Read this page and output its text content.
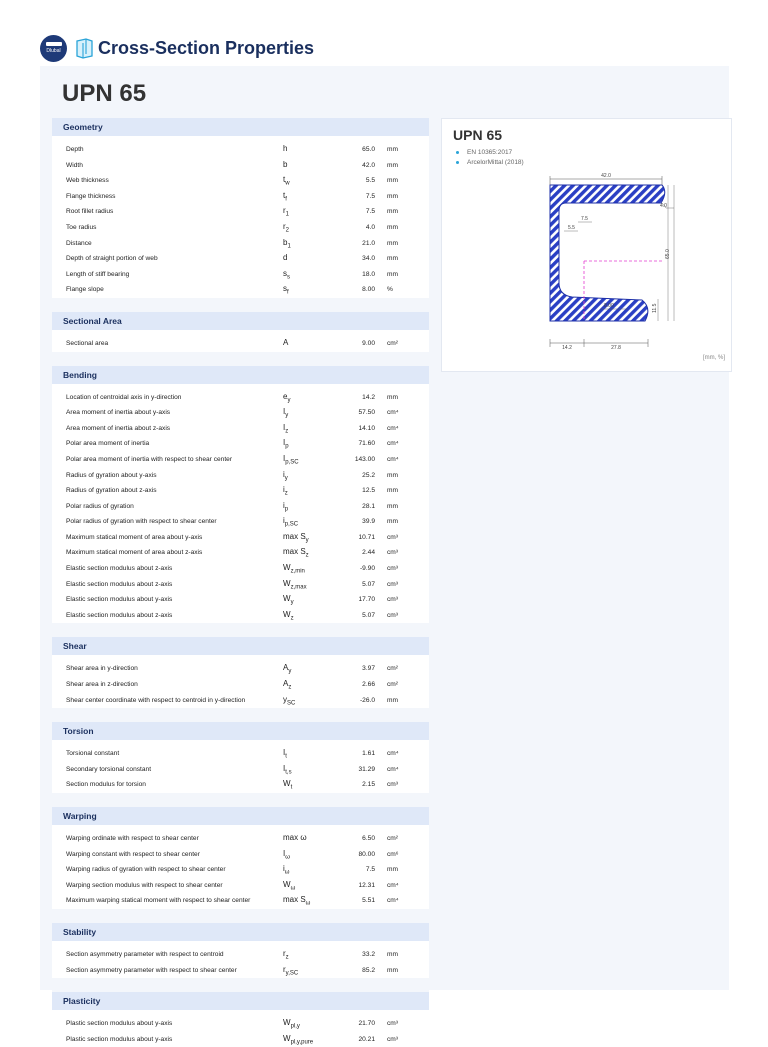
Dlubal Cross-Section Properties
UPN 65
Geometry
Depth	h	65.0 mm
Width	b	42.0 mm
Web thickness	$t_w$	5.5 mm
Flange thickness	$t_f$	7.5 mm
Root fillet radius	$r_1$	7.5 mm
Toe radius	$r_2$	4.0 mm
Distance	$b_1$	21.0 mm
Depth of straight portion of web	d	34.0 mm
Length of stiff bearing	$s_s$	18.0 mm
Flange slope	$s_f$	8.00 %
Sectional Area
Sectional area	A	9.00 cm²
Bending
Location of centroidal axis in y-direction	$e_y$	14.2 mm
Area moment of inertia about y-axis	$I_y$	57.50 cm⁴
Area moment of inertia about z-axis	$I_z$	14.10 cm⁴
Polar area moment of inertia	$I_p$	71.60 cm⁴
Polar area moment of inertia with respect to shear center	$I_{p,SC}$	143.00 cm⁴
Radius of gyration about y-axis	$i_y$	25.2 mm
Radius of gyration about z-axis	$i_z$	12.5 mm
Polar radius of gyration	$i_p$	28.1 mm
Polar radius of gyration with respect to shear center	$i_{p,SC}$	39.9 mm
Maximum statical moment of area about y-axis	$\max S_y$	10.71 cm³
Maximum statical moment of area about z-axis	$\max S_z$	2.44 cm³
Elastic section modulus about z-axis	$W_{z,min}$	-9.90 cm³
Elastic section modulus about z-axis	$W_{z,max}$	5.07 cm³
Elastic section modulus about y-axis	$W_y$	17.70 cm³
Elastic section modulus about z-axis	$W_z$	5.07 cm³
Shear
Shear area in y-direction	$A_y$	3.97 cm²
Shear area in z-direction	$A_z$	2.66 cm²
Shear center coordinate with respect to centroid in y-direction	$y_{SC}$	-26.0 mm
Torsion
Torsional constant	$I_t$	1.61 cm⁴
Secondary torsional constant	$I_{t,s}$	31.29 cm⁴
Section modulus for torsion	$W_t$	2.15 cm³
Warping
Warping ordinate with respect to shear center	max ω	6.50 cm²
Warping constant with respect to shear center	$I_\omega$	80.00 cm⁶
Warping radius of gyration with respect to shear center	$i_\omega$	7.5 mm
Warping section modulus with respect to shear center	$W_\omega$	12.31 cm⁴
Maximum warping statical moment with respect to shear center	$\max S_\omega$	5.51 cm⁴
Stability
Section asymmetry parameter with respect to centroid	$r_z$	33.2 mm
Section asymmetry parameter with respect to shear center	$r_{y,SC}$	85.2 mm
Plasticity
Plastic section modulus about y-axis	$W_{pl,y}$	21.70 cm³
Plastic section modulus about y-axis	$W_{pl,y,pure}$	20.21 cm³
UPN 65
EN 10365:2017
ArcelorMittal (2018)
42.0
4.0
7.5
5.5
65.0
8.00	11.5
14.2	27.8
[mm, %]
